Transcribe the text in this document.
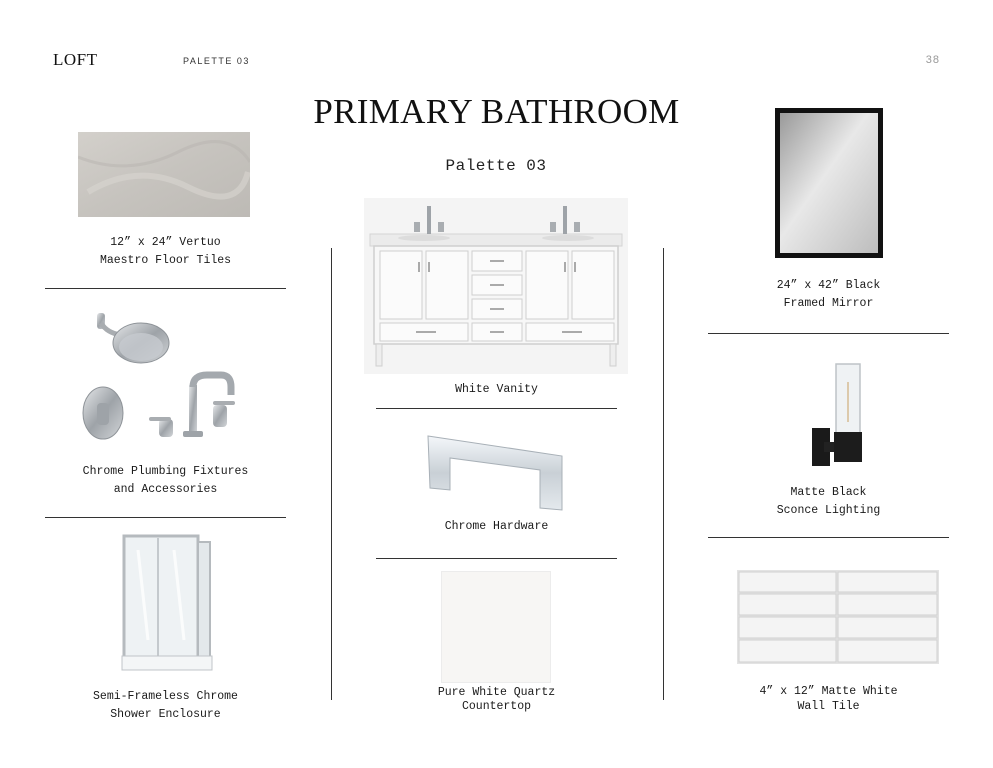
LOFT	PALETTE 03	38
PRIMARY BATHROOM
Palette 03
12” x 24” Vertuo
Maestro Floor Tiles
Chrome Plumbing Fixtures
and Accessories
Semi-Frameless Chrome
Shower Enclosure
White Vanity
Chrome Hardware
Pure White Quartz
Countertop
24” x 42” Black
Framed Mirror
Matte Black
Sconce Lighting
4” x 12” Matte White
Wall Tile
